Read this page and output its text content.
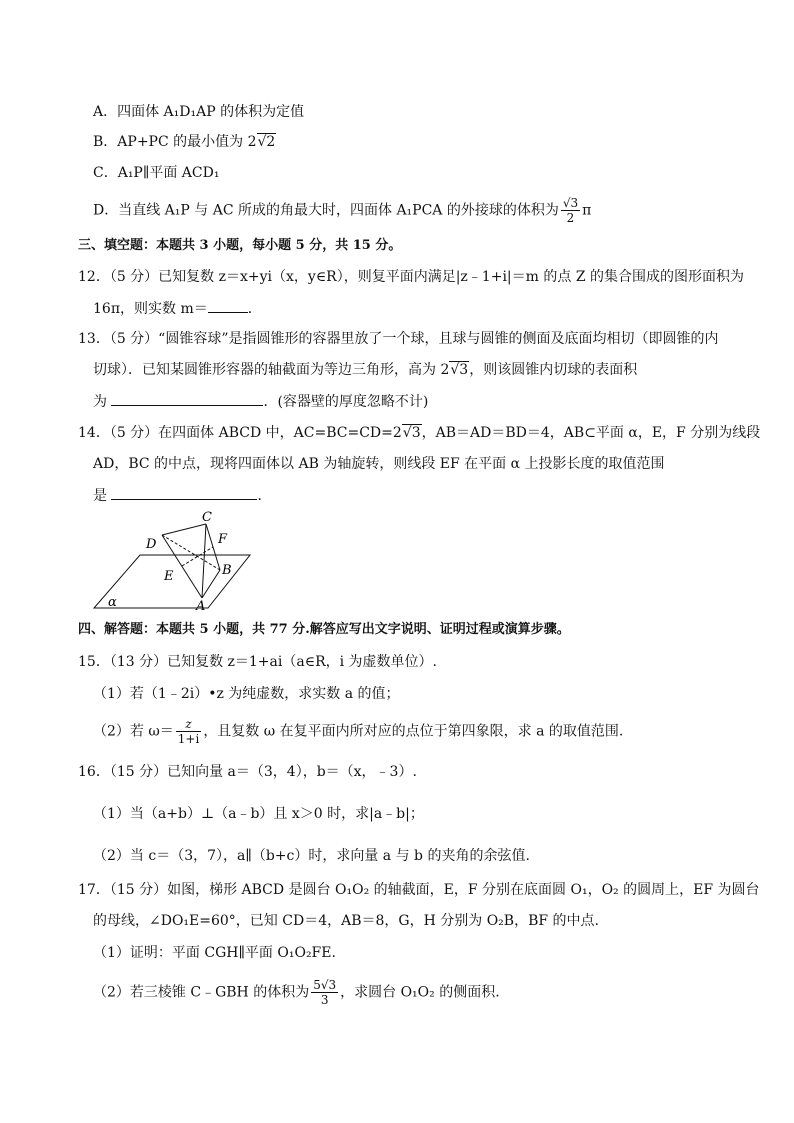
A．四面体 A₁D₁AP 的体积为定值
B．AP+PC 的最小值为 2√2
C．A₁P∥平面 ACD₁
D．当直线 A₁P 与 AC 所成的角最大时，四面体 A₁PCA 的外接球的体积为 $\frac{√3}{2}$ π
三、填空题：本题共 3 小题，每小题 5 分，共 15 分。
12．（5 分）已知复数 z＝x+yi（x，y∈R），则复平面内满足|z﹣1+i|＝m 的点 Z 的集合围成的图形面积为
16π，则实数 m＝	．
13．（5 分）“圆锥容球”是指圆锥形的容器里放了一个球，且球与圆锥的侧面及底面均相切（即圆锥的内
切球）．已知某圆锥形容器的轴截面为等边三角形，高为 2√3，则该圆锥内切球的表面积
为	．(容器壁的厚度忽略不计)
14．（5 分）在四面体 ABCD 中，AC=BC=CD=2√3，AB＝AD＝BD＝4，AB⊂平面 α，E，F 分别为线段
AD，BC 的中点，现将四面体以 AB 为轴旋转，则线段 EF 在平面 α 上投影长度的取值范围
是	．
C
D	F
E	B
A
α
四、解答题：本题共 5 小题，共 77 分.解答应写出文字说明、证明过程或演算步骤。
15．（13 分）已知复数 z＝1+ai（a∈R，i 为虚数单位）.
（1）若（1﹣2i）•z 为纯虚数，求实数 a 的值；
（2）若 $\omega= \frac{z}{1+i}$ ，且复数 ω 在复平面内所对应的点位于第四象限，求 a 的取值范围.
16．（15 分）已知向量 a＝（3，4），b＝（x，﹣3）.
（1）当（a+b）⊥（a﹣b）且 x＞0 时，求|a﹣b|；
（2）当 c＝（3，7），a∥（b+c）时，求向量 a 与 b 的夹角的余弦值.
17．（15 分）如图，梯形 ABCD 是圆台 O₁O₂ 的轴截面，E，F 分别在底面圆 O₁，O₂ 的圆周上，EF 为圆台
的母线，∠DO₁E=60°，已知 CD＝4，AB＝8，G，H 分别为 O₂B，BF 的中点.
（1）证明：平面 CGH∥平面 O₁O₂FE.
（2）若三棱锥 C﹣GBH 的体积为 $\frac{5√3}{3}$ ，求圆台 O₁O₂ 的侧面积.
